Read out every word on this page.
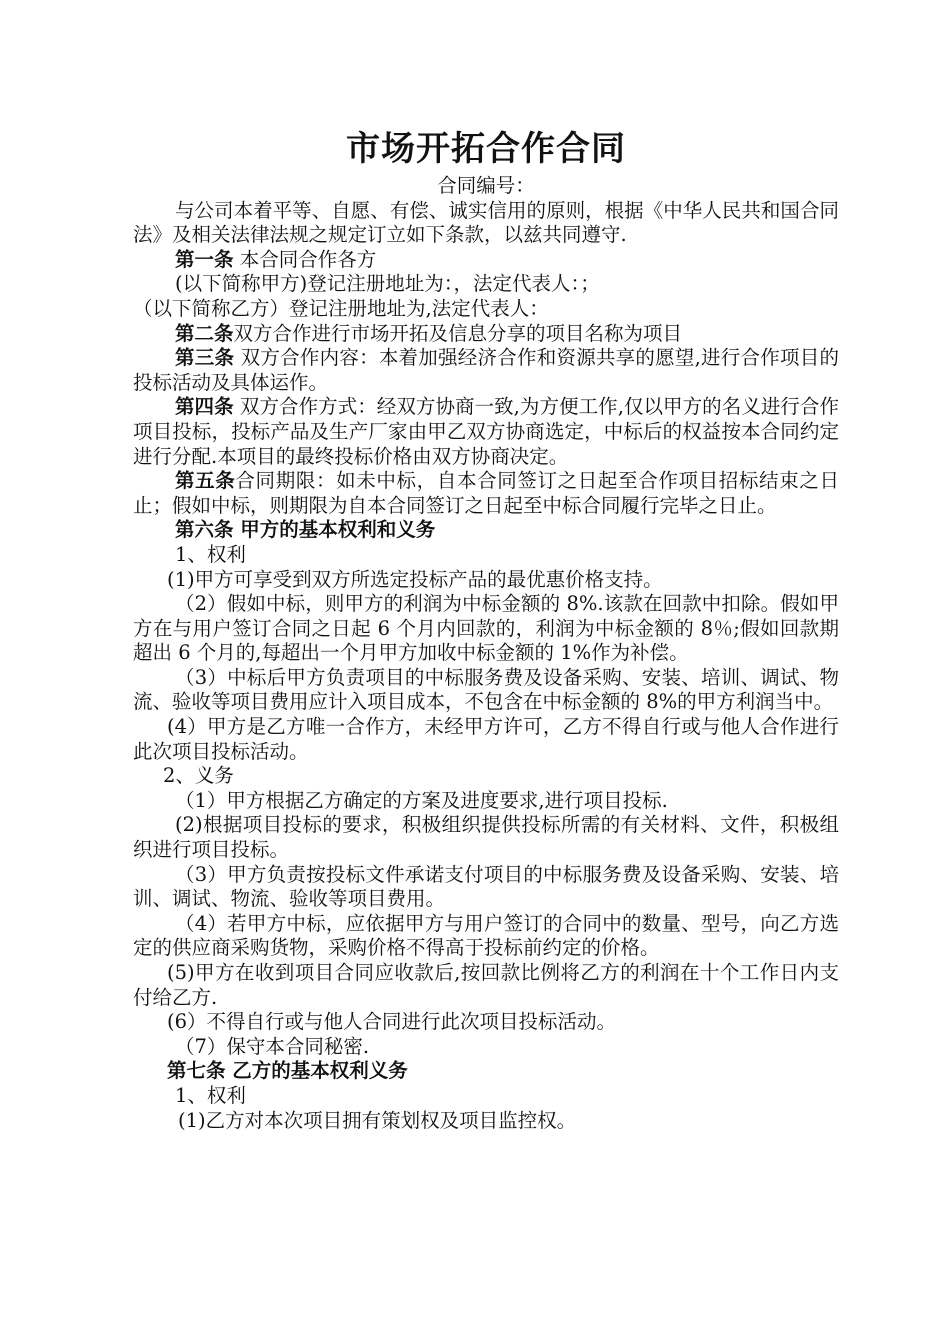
市场开拓合作合同
合同编号：

与公司本着平等、自愿、有偿、诚实信用的原则，根据《中华人民共和国合同法》及相关法律法规之规定订立如下条款，以兹共同遵守.

第一条 本合同合作各方

(以下简称甲方)登记注册地址为：，法定代表人：；

（以下简称乙方）登记注册地址为,法定代表人：

第二条双方合作进行市场开拓及信息分享的项目名称为项目

第三条 双方合作内容：本着加强经济合作和资源共享的愿望,进行合作项目的投标活动及具体运作。

第四条 双方合作方式：经双方协商一致,为方便工作,仅以甲方的名义进行合作项目投标，投标产品及生产厂家由甲乙双方协商选定，中标后的权益按本合同约定进行分配.本项目的最终投标价格由双方协商决定。

第五条合同期限：如未中标，自本合同签订之日起至合作项目招标结束之日止；假如中标，则期限为自本合同签订之日起至中标合同履行完毕之日止。

第六条 甲方的基本权利和义务

1、权利

(1)甲方可享受到双方所选定投标产品的最优惠价格支持。

（2）假如中标，则甲方的利润为中标金额的 8%.该款在回款中扣除。假如甲方在与用户签订合同之日起 6 个月内回款的，利润为中标金额的 8％;假如回款期超出 6 个月的,每超出一个月甲方加收中标金额的 1%作为补偿。

（3）中标后甲方负责项目的中标服务费及设备采购、安装、培训、调试、物流、验收等项目费用应计入项目成本，不包含在中标金额的 8%的甲方利润当中。

(4）甲方是乙方唯一合作方，未经甲方许可，乙方不得自行或与他人合作进行此次项目投标活动。

2、义务

（1）甲方根据乙方确定的方案及进度要求,进行项目投标.

(2)根据项目投标的要求，积极组织提供投标所需的有关材料、文件，积极组织进行项目投标。

（3）甲方负责按投标文件承诺支付项目的中标服务费及设备采购、安装、培训、调试、物流、验收等项目费用。

（4）若甲方中标，应依据甲方与用户签订的合同中的数量、型号，向乙方选定的供应商采购货物，采购价格不得高于投标前约定的价格。

(5)甲方在收到项目合同应收款后,按回款比例将乙方的利润在十个工作日内支付给乙方.

(6）不得自行或与他人合同进行此次项目投标活动。

（7）保守本合同秘密.

第七条 乙方的基本权利义务

1、权利

(1)乙方对本次项目拥有策划权及项目监控权。
